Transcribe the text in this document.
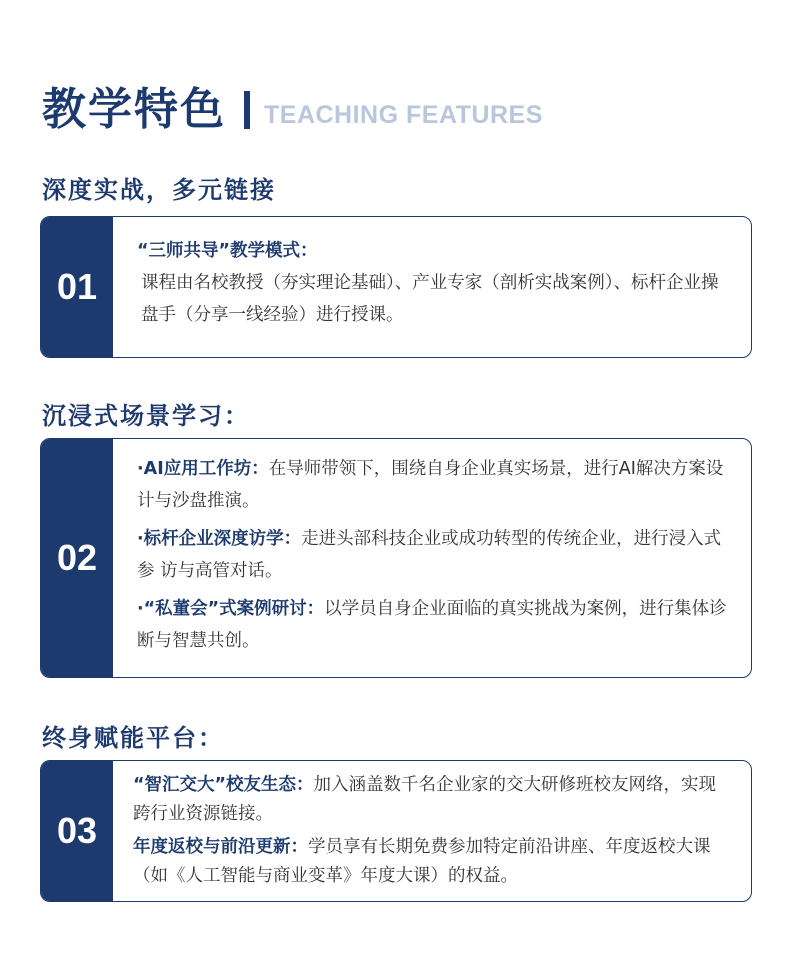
教学特色 TEACHING FEATURES
深度实战，多元链接
01
“三师共导”教学模式：
课程由名校教授（夯实理论基础）、产业专家（剖析实战案例）、标杆企业操盘手（分享一线经验）进行授课。
沉浸式场景学习：
02
·AI应用工作坊：在导师带领下，围绕自身企业真实场景，进行AI解决方案设计与沙盘推演。
·标杆企业深度访学：走进头部科技企业或成功转型的传统企业，进行浸入式参 访与高管对话。
·“私董会”式案例研讨：以学员自身企业面临的真实挑战为案例，进行集体诊断与智慧共创。
终身赋能平台：
03
“智汇交大”校友生态：加入涵盖数千名企业家的交大研修班校友网络，实现跨行业资源链接。
年度返校与前沿更新：学员享有长期免费参加特定前沿讲座、年度返校大课（如《人工智能与商业变革》年度大课）的权益。
